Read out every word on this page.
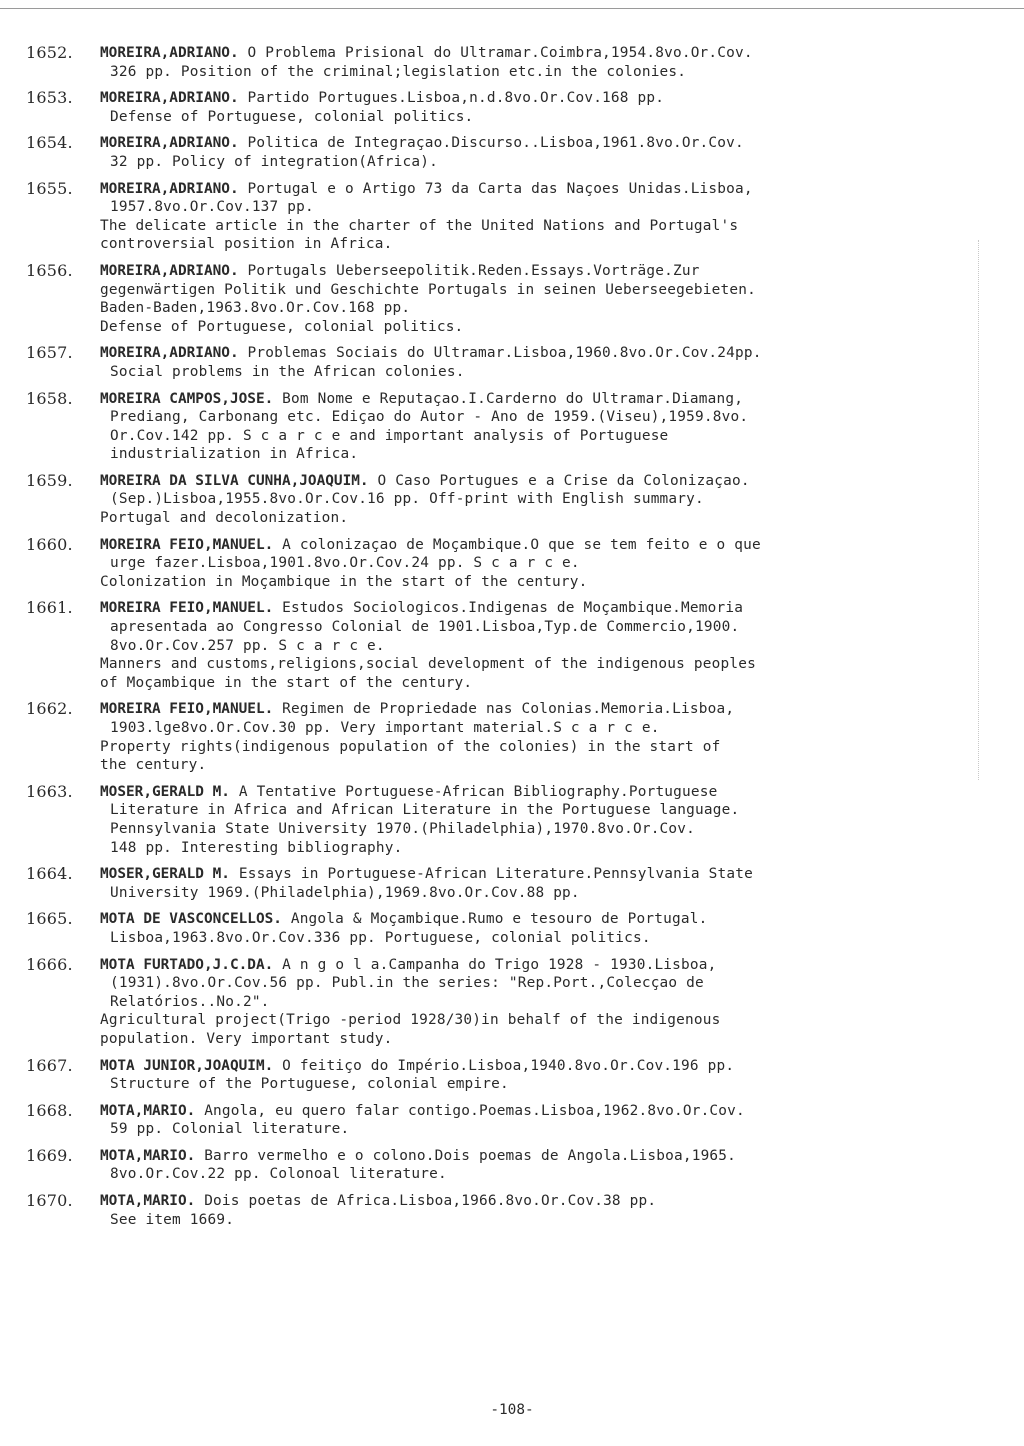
1652. MOREIRA,ADRIANO. O Problema Prisional do Ultramar.Coimbra,1954.8vo.Or.Cov.
326 pp. Position of the criminal;legislation etc.in the colonies.
1653. MOREIRA,ADRIANO. Partido Portugues.Lisboa,n.d.8vo.Or.Cov.168 pp.
Defense of Portuguese, colonial politics.
1654. MOREIRA,ADRIANO. Politica de Integraçao.Discurso..Lisboa,1961.8vo.Or.Cov.
32 pp. Policy of integration(Africa).
1655. MOREIRA,ADRIANO. Portugal e o Artigo 73 da Carta das Naçoes Unidas.Lisboa,
1957.8vo.Or.Cov.137 pp.
The delicate article in the charter of the United Nations and Portugal's
controversial position in Africa.
1656. MOREIRA,ADRIANO. Portugals Ueberseepolitik.Reden.Essays.Vorträge.Zur
gegenwärtigen Politik und Geschichte Portugals in seinen Ueberseegebieten.
Baden-Baden,1963.8vo.Or.Cov.168 pp.
Defense of Portuguese, colonial politics.
1657. MOREIRA,ADRIANO. Problemas Sociais do Ultramar.Lisboa,1960.8vo.Or.Cov.24pp.
Social problems in the African colonies.
1658. MOREIRA CAMPOS,JOSE. Bom Nome e Reputaçao.I.Carderno do Ultramar.Diamang,
Prediang, Carbonang etc. Ediçao do Autor - Ano de 1959.(Viseu),1959.8vo.
Or.Cov.142 pp. S c a r c e and important analysis of Portuguese
industrialization in Africa.
1659. MOREIRA DA SILVA CUNHA,JOAQUIM. O Caso Portugues e a Crise da Colonizaçao.
(Sep.)Lisboa,1955.8vo.Or.Cov.16 pp. Off-print with English summary.
Portugal and decolonization.
1660. MOREIRA FEIO,MANUEL. A colonizaçao de Moçambique.O que se tem feito e o que
urge fazer.Lisboa,1901.8vo.Or.Cov.24 pp. S c a r c e.
Colonization in Moçambique in the start of the century.
1661. MOREIRA FEIO,MANUEL. Estudos Sociologicos.Indigenas de Moçambique.Memoria
apresentada ao Congresso Colonial de 1901.Lisboa,Typ.de Commercio,1900.
8vo.Or.Cov.257 pp. S c a r c e.
Manners and customs,religions,social development of the indigenous peoples
of Moçambique in the start of the century.
1662. MOREIRA FEIO,MANUEL. Regimen de Propriedade nas Colonias.Memoria.Lisboa,
1903.lge8vo.Or.Cov.30 pp. Very important material.S c a r c e.
Property rights(indigenous population of the colonies) in the start of
the century.
1663. MOSER,GERALD M. A Tentative Portuguese-African Bibliography.Portuguese
Literature in Africa and African Literature in the Portuguese language.
Pennsylvania State University 1970.(Philadelphia),1970.8vo.Or.Cov.
148 pp. Interesting bibliography.
1664. MOSER,GERALD M. Essays in Portuguese-African Literature.Pennsylvania State
University 1969.(Philadelphia),1969.8vo.Or.Cov.88 pp.
1665. MOTA DE VASCONCELLOS. Angola & Moçambique.Rumo e tesouro de Portugal.
Lisboa,1963.8vo.Or.Cov.336 pp. Portuguese, colonial politics.
1666. MOTA FURTADO,J.C.DA. A n g o l a.Campanha do Trigo 1928 - 1930.Lisboa,
(1931).8vo.Or.Cov.56 pp. Publ.in the series: "Rep.Port.,Colecçao de
Relatórios..No.2".
Agricultural project(Trigo -period 1928/30)in behalf of the indigenous
population. Very important study.
1667. MOTA JUNIOR,JOAQUIM. O feitiço do Império.Lisboa,1940.8vo.Or.Cov.196 pp.
Structure of the Portuguese, colonial empire.
1668. MOTA,MARIO. Angola, eu quero falar contigo.Poemas.Lisboa,1962.8vo.Or.Cov.
59 pp. Colonial literature.
1669. MOTA,MARIO. Barro vermelho e o colono.Dois poemas de Angola.Lisboa,1965.
8vo.Or.Cov.22 pp. Colonoal literature.
1670. MOTA,MARIO. Dois poetas de Africa.Lisboa,1966.8vo.Or.Cov.38 pp.
See item 1669.
-108-
